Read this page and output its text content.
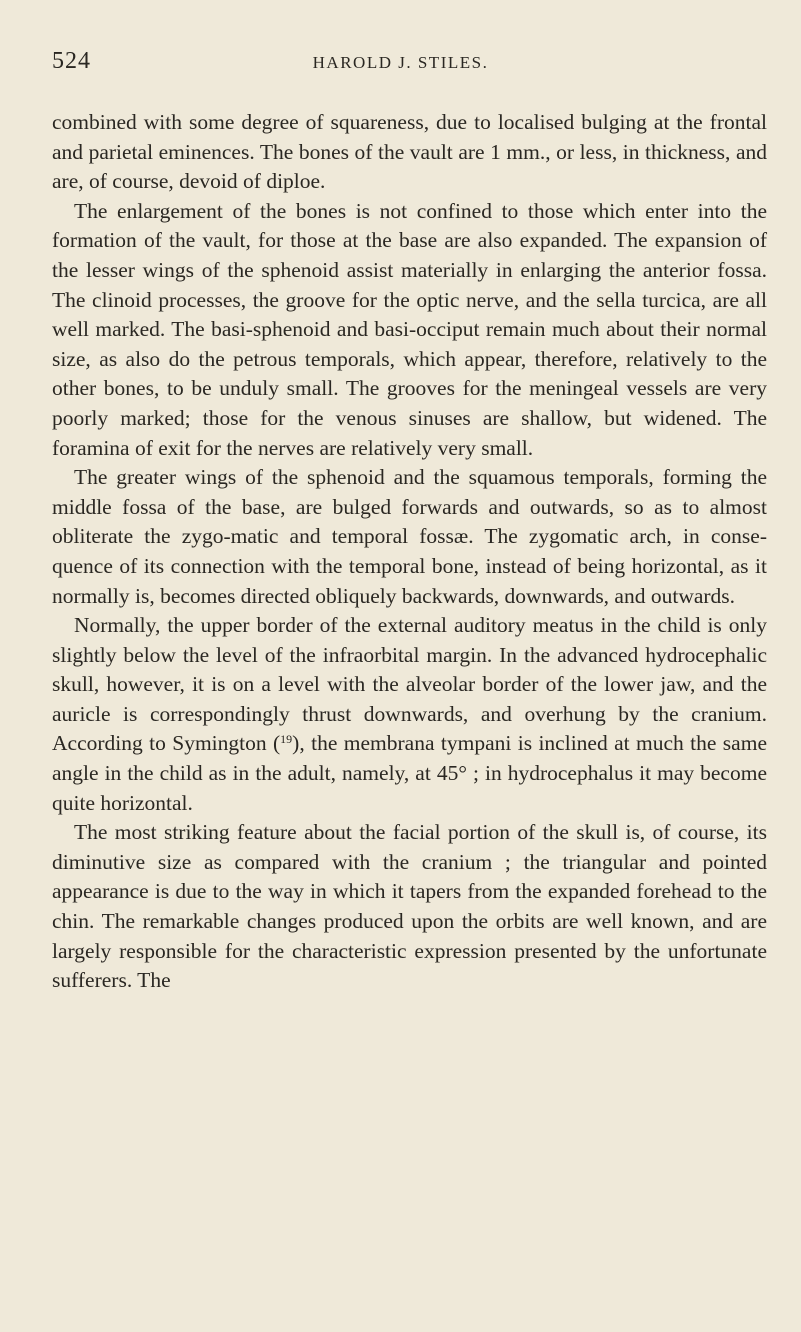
524	HAROLD J. STILES.

combined with some degree of squareness, due to localised bulging at the frontal and parietal eminences. The bones of the vault are 1 mm., or less, in thickness, and are, of course, devoid of diploe.

The enlargement of the bones is not confined to those which enter into the formation of the vault, for those at the base are also expanded. The expansion of the lesser wings of the sphenoid assist materially in enlarging the anterior fossa. The clinoid processes, the groove for the optic nerve, and the sella turcica, are all well marked. The basi-sphenoid and basi-occiput remain much about their normal size, as also do the petrous temporals, which appear, therefore, relatively to the other bones, to be unduly small. The grooves for the meningeal vessels are very poorly marked; those for the venous sinuses are shallow, but widened. The foramina of exit for the nerves are relatively very small.

The greater wings of the sphenoid and the squamous temporals, forming the middle fossa of the base, are bulged forwards and outwards, so as to almost obliterate the zygo-matic and temporal fossæ. The zygomatic arch, in conse-quence of its connection with the temporal bone, instead of being horizontal, as it normally is, becomes directed obliquely backwards, downwards, and outwards.

Normally, the upper border of the external auditory meatus in the child is only slightly below the level of the infraorbital margin. In the advanced hydrocephalic skull, however, it is on a level with the alveolar border of the lower jaw, and the auricle is correspondingly thrust downwards, and overhung by the cranium. According to Symington ($^{19}$), the membrana tympani is inclined at much the same angle in the child as in the adult, namely, at 45° ; in hydrocephalus it may become quite horizontal.

The most striking feature about the facial portion of the skull is, of course, its diminutive size as compared with the cranium ; the triangular and pointed appearance is due to the way in which it tapers from the expanded forehead to the chin. The remarkable changes produced upon the orbits are well known, and are largely responsible for the characteristic expression presented by the unfortunate sufferers. The
